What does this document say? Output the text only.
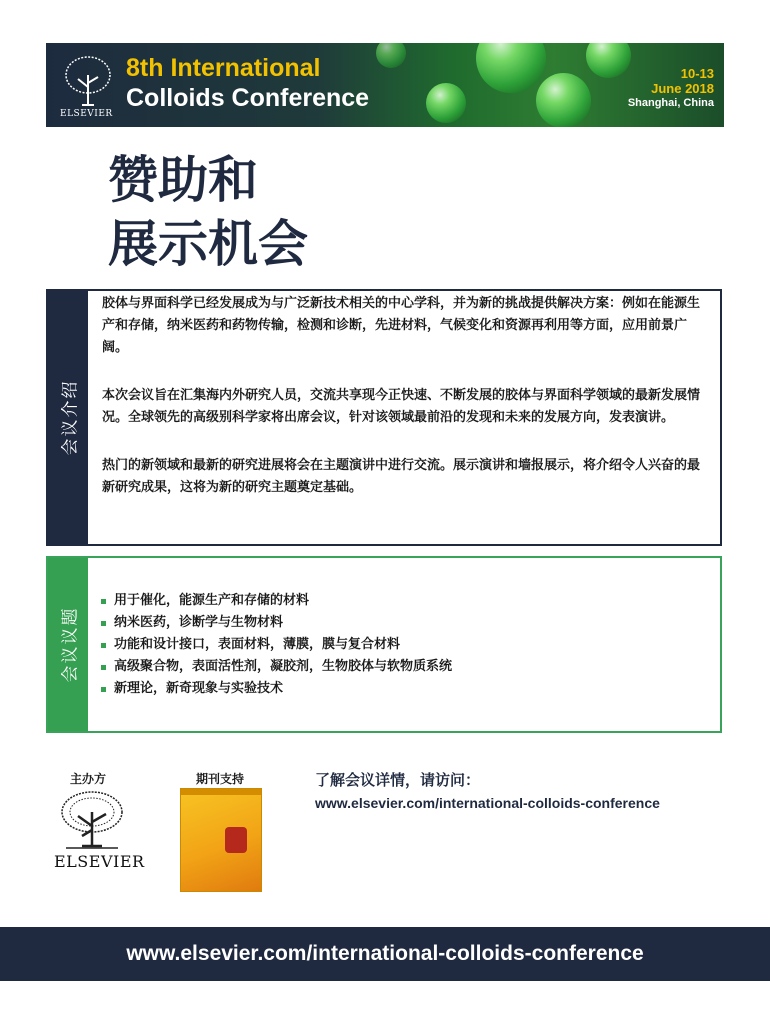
ELSEVIER
8th International
Colloids Conference
10-13
June 2018
Shanghai, China
赞助和
展示机会
会议介绍

胶体与界面科学已经发展成为与广泛新技术相关的中心学科，并为新的挑战提供解决方案：例如在能源生产和存储，纳米医药和药物传输，检测和诊断，先进材料，气候变化和资源再利用等方面，应用前景广阔。

本次会议旨在汇集海内外研究人员，交流共享现今正快速、不断发展的胶体与界面科学领域的最新发展情况。全球领先的高级别科学家将出席会议，针对该领域最前沿的发现和未来的发展方向，发表演讲。

热门的新领域和最新的研究进展将会在主题演讲中进行交流。展示演讲和墙报展示，将介绍令人兴奋的最新研究成果，这将为新的研究主题奠定基础。

会议议题
用于催化，能源生产和存储的材料
纳米医药，诊断学与生物材料
功能和设计接口，表面材料，薄膜，膜与复合材料
高级聚合物，表面活性剂，凝胶剂，生物胶体与软物质系统
新理论，新奇现象与实验技术
主办方	期刊支持
ELSEVIER
了解会议详情，请访问：
www.elsevier.com/international-colloids-conference
www.elsevier.com/international-colloids-conference
